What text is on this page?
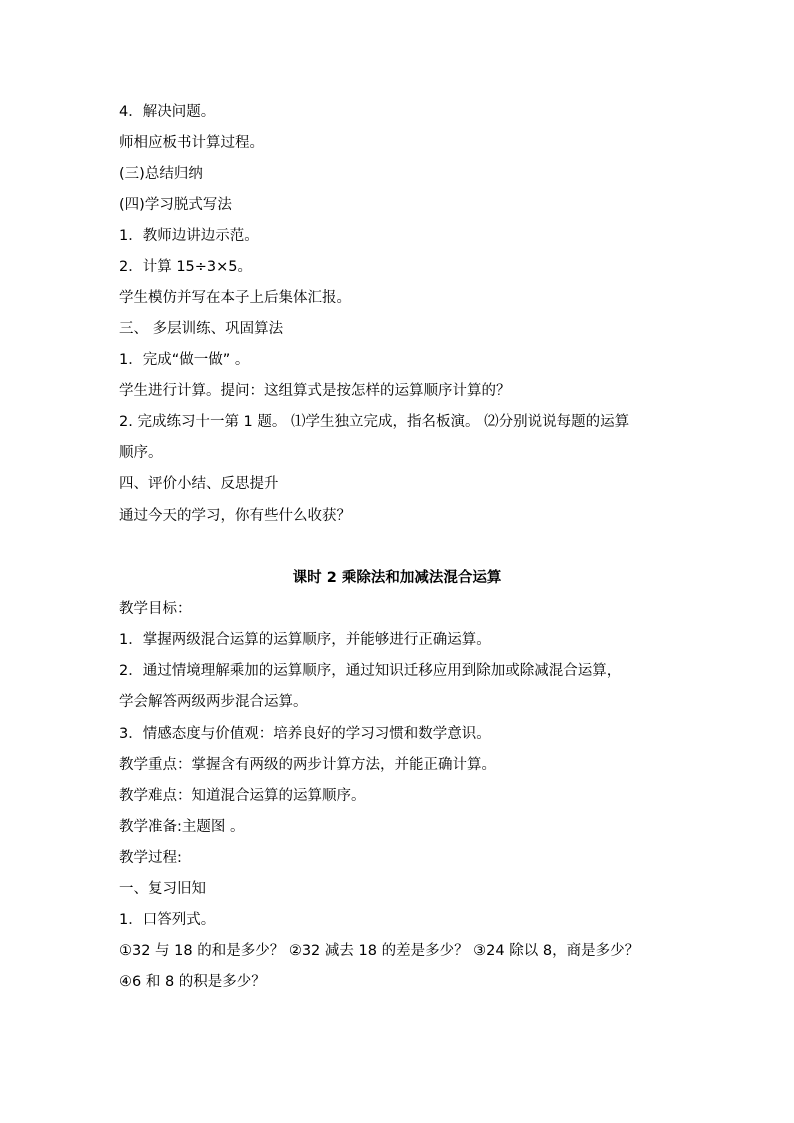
4．解决问题。
师相应板书计算过程。
(三)总结归纳
(四)学习脱式写法
1．教师边讲边示范。
2．计算 15÷3×5。
学生模仿并写在本子上后集体汇报。
三、 多层训练、巩固算法
1．完成“做一做” 。
学生进行计算。提问：这组算式是按怎样的运算顺序计算的？
2. 完成练习十一第 1 题。 ⑴学生独立完成，指名板演。 ⑵分别说说每题的运算
顺序。
四、评价小结、反思提升
通过今天的学习，你有些什么收获？
课时 2 乘除法和加减法混合运算
教学目标：
1．掌握两级混合运算的运算顺序，并能够进行正确运算。
2．通过情境理解乘加的运算顺序，通过知识迁移应用到除加或除减混合运算，
学会解答两级两步混合运算。
3．情感态度与价值观：培养良好的学习习惯和数学意识。
教学重点：掌握含有两级的两步计算方法，并能正确计算。
教学难点：知道混合运算的运算顺序。
教学准备:主题图 。
教学过程:
一、复习旧知
1．口答列式。
①32 与 18 的和是多少？ ②32 减去 18 的差是多少？ ③24 除以 8，商是多少？
④6 和 8 的积是多少？
